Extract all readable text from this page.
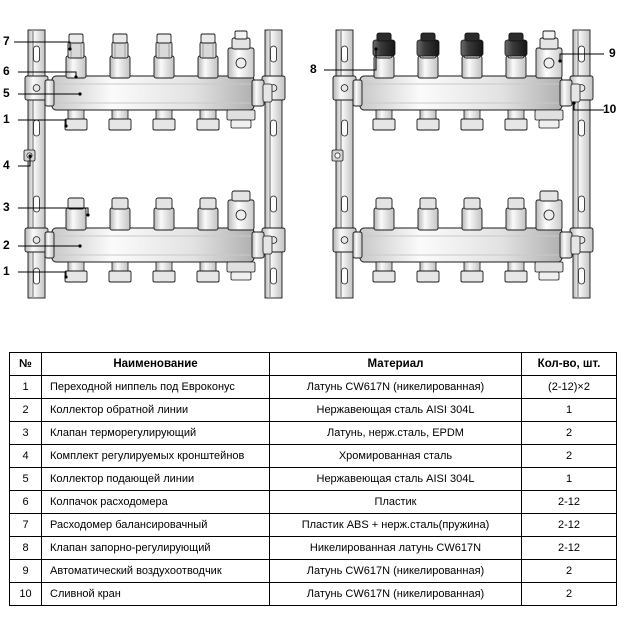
7
6
5
1
4
3
2
1
8
9
10
№	Наименование	Материал	Кол-во, шт.
1	Переходной ниппель под Евроконус	Латунь CW617N (никелированная)	(2-12)×2
2	Коллектор обратной линии	Нержавеющая сталь AISI 304L	1
3	Клапан терморегулирующий	Латунь, нерж.сталь, EPDM	2
4	Комплект регулируемых кронштейнов	Хромированная сталь	2
5	Коллектор подающей линии	Нержавеющая сталь AISI 304L	1
6	Колпачок расходомера	Пластик	2-12
7	Расходомер балансировачный	Пластик ABS + нерж.сталь(пружина)	2-12
8	Клапан запорно-регулирующий	Никелированная латунь CW617N	2-12
9	Автоматический воздухоотводчик	Латунь CW617N (никелированная)	2
10	Сливной кран	Латунь CW617N (никелированная)	2
